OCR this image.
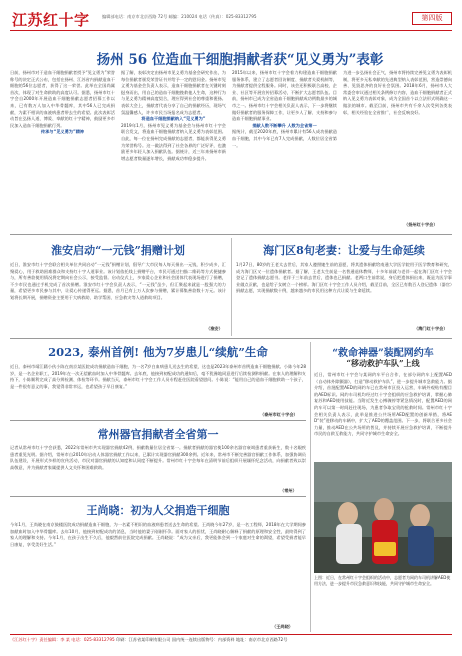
江苏红十字	编辑部电话：南京市北京西路 72号 邮编：210024 电话（传真）：025-83312795	第四版
扬州 56 位造血干细胞捐献者获“见义勇为”表彰
日前，扬州市对于造血干细胞捐献者授予“见义勇为”荣誉称号的决定正式公布，包括在扬州、江苏省内捐献造血干细胞的56位志愿者，获得了这一荣誉。此举在全国尚属首次，体现了对生命救助的高度认可。据悉，扬州市红十字会自2000年开展造血干细胞捐献志愿者招募工作以来，已有数万人加入中华骨髓库，其中56人已完成捐献，为素不相识的血液病患者带去生的希望。此次表彰活动旨在弘扬人道、博爱、奉献的红十字精神，鼓励更多市民加入造血干细胞捐献行列。
传承与“见义勇为”精神
据了解，表彰决定由扬州市见义勇为基金会研究作出，为每位捐献者颁发荣誉证书并给予一定的慰问金。扬州市见义勇为基金会负责人表示，造血干细胞捐献者在关键时刻挺身而出，用自己的造血干细胞挽救他人生命，这种行为与见义勇为精神高度契合，理应得到社会的尊重和褒扬。表彰大会上，捐献者代表分享了自己的捐献经历，现场气氛温馨感人，许多市民当场报名成为志愿者。
将造血干细胞捐献纳入“见义勇为”
2019年1月，扬州市见义勇为基金会与扬州市红十字会联合发文，将造血干细胞捐献者纳入见义勇为表彰范围。自此，每一位在扬州完成捐献的志愿者，都能获得见义勇为荣誉称号。这一做法得到了社会各界的广泛好评，也激励更多年轻人加入捐献队伍。据统计，近三年来扬州市新增志愿者数量逐年增长，捐献成功率稳步提升。
2015年以来，扬州市红十字会着力构建造血干细胞捐献服务体系，建立了志愿者回访制度、捐献者关爱机制等，为捐献者提供全程服务。同时，该会还积极联合高校、企业、社区等开展宣传招募活动，不断扩大志愿者队伍。目前，扬州市已成为全省造血干细胞捐献成功例数最多的城市之一。扬州市红十字会相关负责人表示，下一步将继续做好捐献者的服务保障工作，让更多人了解、支持和参与造血干细胞捐献事业。
捐献人数不断攀升 人数为全省第一
据统计，截至2020年底，扬州市累计有56人成功捐献造血干细胞，其中今年已有7人完成捐献，人数位居全省第一。
为进一步弘扬社会正气，扬州市将持续完善见义勇为表彰机制，将更多无私奉献的先进典型纳入表彰范围，营造崇德向善、见贤思齐的良好社会氛围。2018年6月，扬州市人大常委会审议通过相关条例修订内容，造血干细胞捐献者正式纳入见义勇为表彰对象，成为全国首个以立法形式明确这一做法的城市。截至目前，扬州市共有千余人次受到各类表彰，相关经验在全省推广，社会反响良好。
（扬州红十字会）
淮安启动“一元钱”捐赠计划
近日，淮安市红十字会联合相关单位共同启动“一元钱”捐赠计划，倡导广大市民每人每天捐出一元钱，积少成多，汇聚爱心，用于救助困难群众和支持红十字人道事业。该计划依托线上捐赠平台，市民可通过扫描二维码等方式便捷参与，所有善款使用情况将定期向社会公示，接受监督。启动仪式上，多家爱心企业和社会团体代表现场进行了捐赠，不少市民也通过手机完成了首次捐赠。淮安市红十字会负责人表示，“一元钱”虽少，但汇聚起来就是一股强大的力量，希望更多市民参与其中，让爱心传递得更远。据悉，首月已有上万人次参与捐赠，累计募集善款数十万元。该计划将长期开展，捐赠资金主要用于大病救助、助学帮困、应急救灾等人道救助项目。
（淮安）
海门区8旬老妻：让爱与生命延续
1月27日，80岁的王老太去世后，其家人遵照她生前的意愿，将其遗体捐献给南通大学医学院用于医学教育和研究，成为海门区又一位遗体捐献者。据了解，王老太生前是一名普通退休教师，十多年前就与老伴一起在海门区红十字会登记了遗体捐献志愿书。老伴于三年前去世后，遗体也已捐献。老两口生前常说，身后把遗体捐出来，既是为医学事业做点贡献，也是给子女树立一个榜样。海门区红十字会工作人员介绍，截至目前，全区已有数百人登记遗体（器官）捐献志愿，实现捐献数十例，越来越多的市民用这种方式让爱与生命延续。
（海门红十字会）
2023, 泰州首例! 他为7岁患儿“续航”生命
近日，泰州市靖江籍小伙小陈在南京某医院成功捐献造血干细胞，为一名7岁白血病患儿送去生的希望，这也是2023年泰州市首例造血干细胞捐献。小陈今年28岁，是一名企业职工，2019年在一次无偿献血时加入中华骨髓库。去年底，他接到初配成功的通知后，毫不犹豫地同意进行后续检测和捐献。在家人的理解和支持下，小陈顺利完成了高分辨检测、体检等环节。捐献当天，泰州市红十字会工作人员专程赶往医院看望慰问。小陈说：“能用自己的造血干细胞救助一个孩子，是一件很有意义的事，我觉得非常幸运，也希望孩子早日康复。”
（泰州市红十字会）
常州器官捐献者全省第一
记者从常州市红十字会获悉，2022年常州市共实现器官捐献42例，捐献数量位居全省第一。捐献者捐献的器官使100余名器官衰竭患者重获新生，数十名眼疾患者重见光明。据介绍，常州市自2010年启动人体器官捐献工作以来，已累计实现器官捐献300余例。近年来，常州市不断完善器官捐献工作体系，加强协调员队伍建设，开展形式多样的宣传活动，市民对器官捐献的认知度和认同度不断提升。常州市红十字会每年在清明节前后组织开展缅怀纪念活动，向捐献者致以崇高敬意，并为捐献者家属提供人文关怀和困难救助。
（常州）
王尚晓：初为人父捐造干细胞
今年1月，王尚晓在南京鼓楼医院成功捐献造血干细胞，为一名素不相识的血液病患者送去生命的希望。王尚晓今年27岁，是一名工程师，2018年在大学期间参加献血时加入中华骨髓库。去年10月，他接到初配成功的消息，当时他的妻子刚刚怀孕。面对家人的担忧，王尚晓耐心解释了捐献的原理和安全性，最终得到了家人的理解和支持。今年1月，在孩子出生不久后，他毅然前往医院完成捐献。王尚晓说：“成为父亲后，我更能体会到一个家庭对生命的渴望，希望受捐者能早日康复，享受美好生活。”
（王尚晓）
“救命神器”装配网约车
“移动救护车队”上线
近日，常州市红十字会与某网约车平台合作，在部分网约车上配置AED（自动体外除颤器），打造“移动救护车队”，进一步提升城市急救能力。据介绍，首批配置AED的网约车已在常州市区投入运营，车辆外观贴有醒目的AED标识。网约车司机均经过红十字会组织的应急救护培训，掌握心肺复苏和AED使用技能。当附近发生心搏骤停等紧急情况时，配置AED的网约车可以第一时间赶往现场，为患者争取宝贵的抢救时间。常州市红十字会相关负责人表示，此举是推进公共场所AED配置的创新举措，将AED“装”进移动的车辆中，扩大了AED的覆盖范围。下一步，将联合更多社会力量，推动AED在公共场所的普及，并持续开展应急救护培训，不断提升市民的自救互救能力，共同守护城市生命安全。
上图：近日，在常州红十字会组织的活动中，志愿者为网约车司机讲解AED使用方法，进一步提升市民急救意识和技能，共同守护城市生命安全。
《江苏红十字》责任编辑：李 某 电话：025-83312795 印刷：江苏省某印刷有限公司 国内统一连续出版物号：内部资料 地址：南京市北京西路72号
